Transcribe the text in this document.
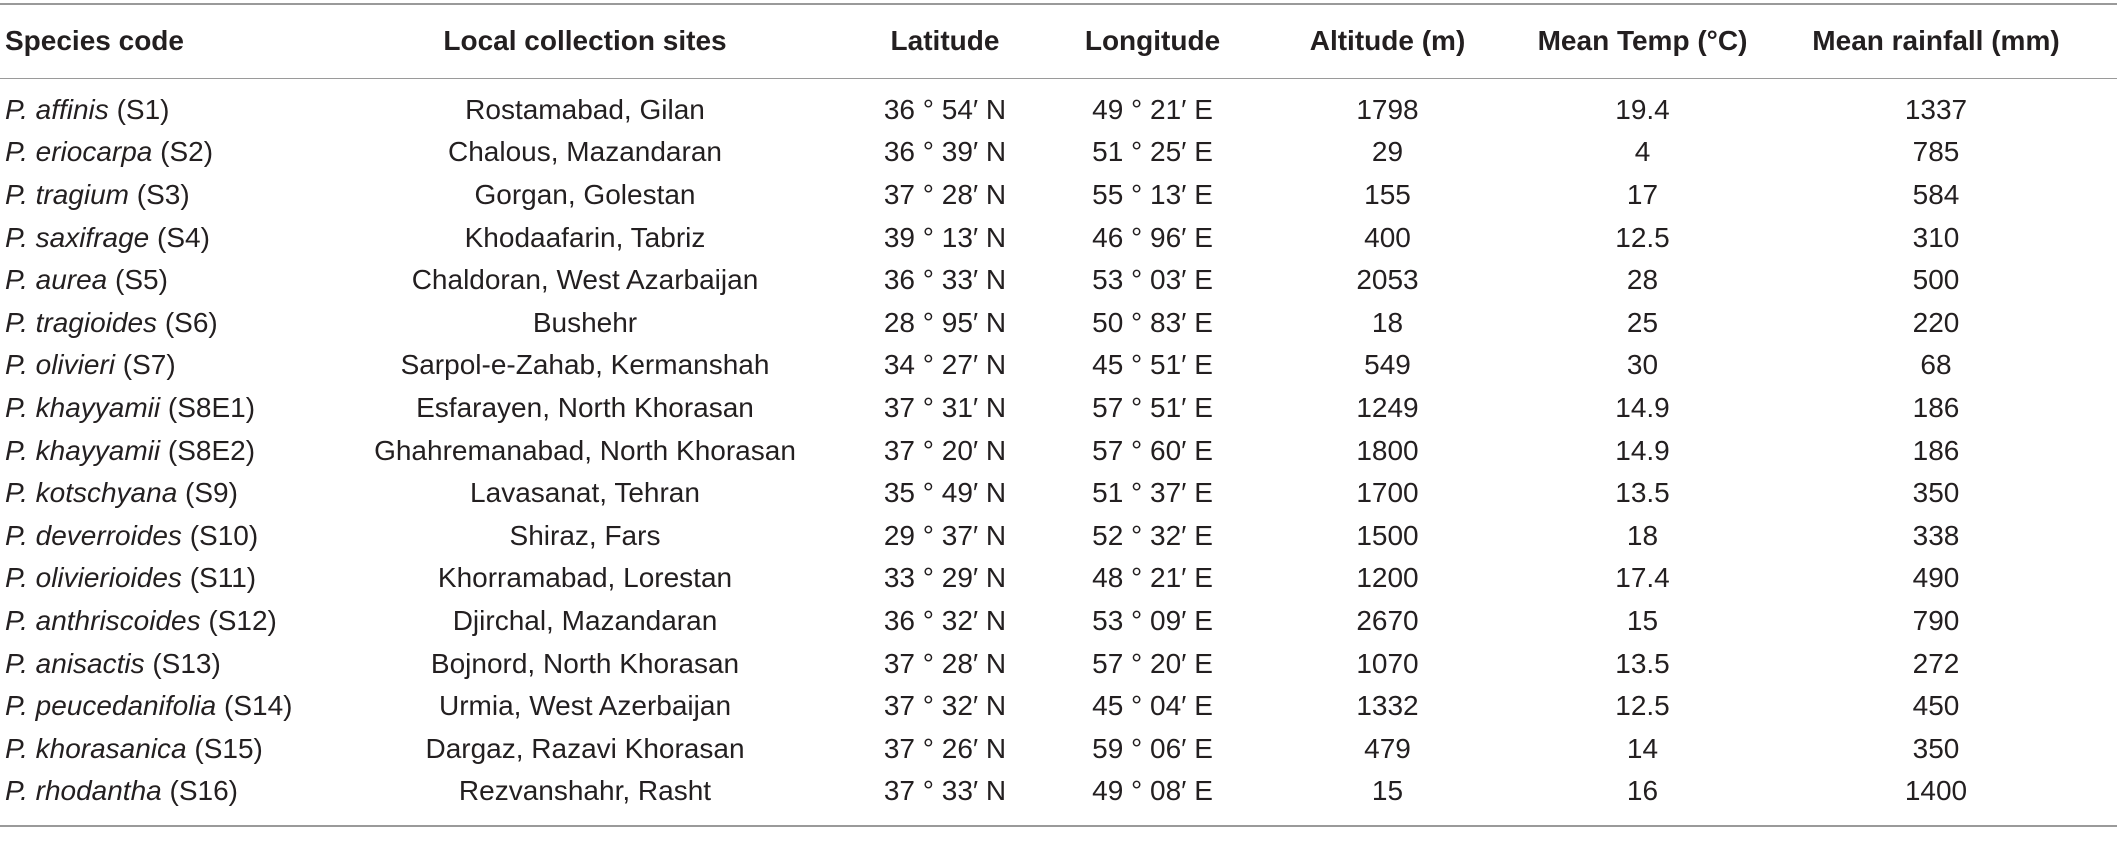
Species code	Local collection sites	Latitude	Longitude	Altitude (m)	Mean Temp (°C)	Mean rainfall (mm)
P. affinis (S1)	Rostamabad, Gilan	36 ° 54′ N	49 ° 21′ E	1798	19.4	1337
P. eriocarpa (S2)	Chalous, Mazandaran	36 ° 39′ N	51 ° 25′ E	29	4	785
P. tragium (S3)	Gorgan, Golestan	37 ° 28′ N	55 ° 13′ E	155	17	584
P. saxifrage (S4)	Khodaafarin, Tabriz	39 ° 13′ N	46 ° 96′ E	400	12.5	310
P. aurea (S5)	Chaldoran, West Azarbaijan	36 ° 33′ N	53 ° 03′ E	2053	28	500
P. tragioides (S6)	Bushehr	28 ° 95′ N	50 ° 83′ E	18	25	220
P. olivieri (S7)	Sarpol-e-Zahab, Kermanshah	34 ° 27′ N	45 ° 51′ E	549	30	68
P. khayyamii (S8E1)	Esfarayen, North Khorasan	37 ° 31′ N	57 ° 51′ E	1249	14.9	186
P. khayyamii (S8E2)	Ghahremanabad, North Khorasan	37 ° 20′ N	57 ° 60′ E	1800	14.9	186
P. kotschyana (S9)	Lavasanat, Tehran	35 ° 49′ N	51 ° 37′ E	1700	13.5	350
P. deverroides (S10)	Shiraz, Fars	29 ° 37′ N	52 ° 32′ E	1500	18	338
P. olivierioides (S11)	Khorramabad, Lorestan	33 ° 29′ N	48 ° 21′ E	1200	17.4	490
P. anthriscoides (S12)	Djirchal, Mazandaran	36 ° 32′ N	53 ° 09′ E	2670	15	790
P. anisactis (S13)	Bojnord, North Khorasan	37 ° 28′ N	57 ° 20′ E	1070	13.5	272
P. peucedanifolia (S14)	Urmia, West Azerbaijan	37 ° 32′ N	45 ° 04′ E	1332	12.5	450
P. khorasanica (S15)	Dargaz, Razavi Khorasan	37 ° 26′ N	59 ° 06′ E	479	14	350
P. rhodantha (S16)	Rezvanshahr, Rasht	37 ° 33′ N	49 ° 08′ E	15	16	1400
